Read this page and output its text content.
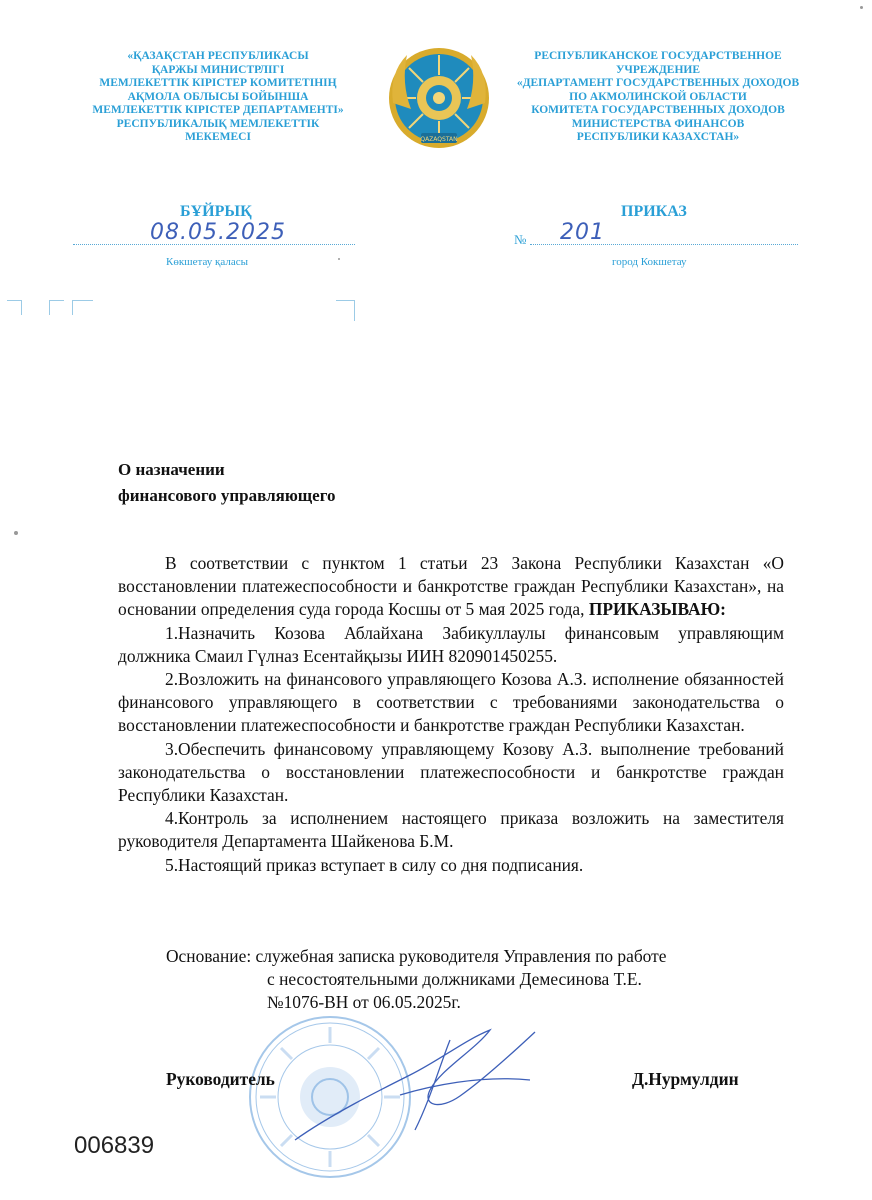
«ҚАЗАҚСТАН РЕСПУБЛИКАСЫ
ҚАРЖЫ МИНИСТРЛІГІ
МЕМЛЕКЕТТІК КІРІСТЕР КОМИТЕТІНІҢ
АҚМОЛА ОБЛЫСЫ БОЙЫНША
МЕМЛЕКЕТТІК КІРІСТЕР ДЕПАРТАМЕНТІ»
РЕСПУБЛИКАЛЫҚ МЕМЛЕКЕТТІК
МЕКЕМЕСІ	QAZAQSTAN
РЕСПУБЛИКАНСКОЕ ГОСУДАРСТВЕННОЕ
УЧРЕЖДЕНИЕ
«ДЕПАРТАМЕНТ ГОСУДАРСТВЕННЫХ ДОХОДОВ
ПО АКМОЛИНСКОЙ ОБЛАСТИ
КОМИТЕТА ГОСУДАРСТВЕННЫХ ДОХОДОВ
МИНИСТЕРСТВА ФИНАНСОВ
РЕСПУБЛИКИ КАЗАХСТАН»
БҰЙРЫҚ	ПРИКАЗ
08.05.2025	№ 201
Көкшетау қаласы	город Кокшетау
О назначении
финансового управляющего

В соответствии с пунктом 1 статьи 23 Закона Республики Казахстан «О восстановлении платежеспособности и банкротстве граждан Республики Казахстан», на основании определения суда города Косшы от 5 мая 2025 года, ПРИКАЗЫВАЮ:

1.Назначить Козова Аблайхана Забикуллаулы финансовым управляющим должника Смаил Гүлназ Есентайқызы ИИН 820901450255.

2.Возложить на финансового управляющего Козова А.З. исполнение обязанностей финансового управляющего в соответствии с требованиями законодательства о восстановлении платежеспособности и банкротстве граждан Республики Казахстан.

3.Обеспечить финансовому управляющему Козову А.З. выполнение требований законодательства о восстановлении платежеспособности и банкротстве граждан Республики Казахстан.

4.Контроль за исполнением настоящего приказа возложить на заместителя руководителя Департамента Шайкенова Б.М.

5.Настоящий приказ вступает в силу со дня подписания.

Основание: служебная записка руководителя Управления по работе
с несостоятельными должниками Демесинова Т.Е.
№1076-ВН от 06.05.2025г.
Руководитель	Д.Нурмулдин
006839
